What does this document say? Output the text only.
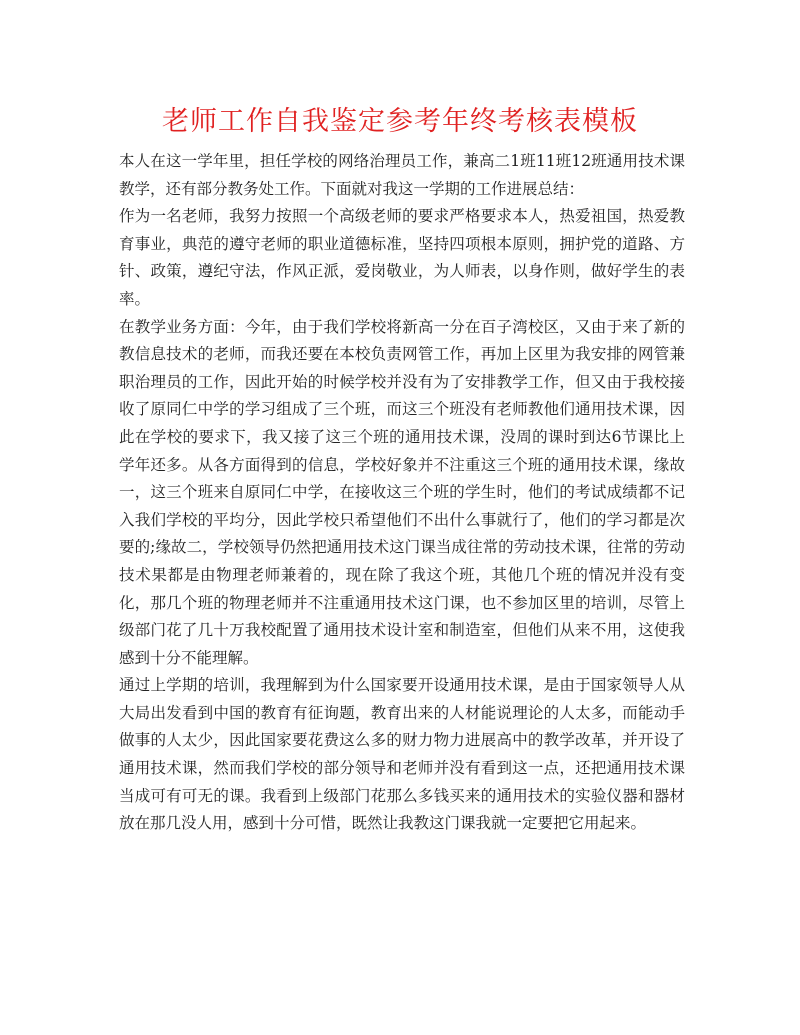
老师工作自我鉴定参考年终考核表模板

本人在这一学年里，担任学校的网络治理员工作，兼高二1班11班12班通用技术课教学，还有部分教务处工作。下面就对我这一学期的工作进展总结：

作为一名老师，我努力按照一个高级老师的要求严格要求本人，热爱祖国，热爱教育事业，典范的遵守老师的职业道德标准，坚持四项根本原则，拥护党的道路、方针、政策，遵纪守法，作风正派，爱岗敬业，为人师表，以身作则，做好学生的表率。

在教学业务方面：今年，由于我们学校将新高一分在百子湾校区，又由于来了新的教信息技术的老师，而我还要在本校负责网管工作，再加上区里为我安排的网管兼职治理员的工作，因此开始的时候学校并没有为了安排教学工作，但又由于我校接收了原同仁中学的学习组成了三个班，而这三个班没有老师教他们通用技术课，因此在学校的要求下，我又接了这三个班的通用技术课，没周的课时到达6节课比上学年还多。从各方面得到的信息，学校好象并不注重这三个班的通用技术课，缘故一，这三个班来自原同仁中学，在接收这三个班的学生时，他们的考试成绩都不记入我们学校的平均分，因此学校只希望他们不出什么事就行了，他们的学习都是次要的;缘故二，学校领导仍然把通用技术这门课当成往常的劳动技术课，往常的劳动技术果都是由物理老师兼着的，现在除了我这个班，其他几个班的情况并没有变化，那几个班的物理老师并不注重通用技术这门课，也不参加区里的培训，尽管上级部门花了几十万我校配置了通用技术设计室和制造室，但他们从来不用，这使我感到十分不能理解。

通过上学期的培训，我理解到为什么国家要开设通用技术课，是由于国家领导人从大局出发看到中国的教育有征询题，教育出来的人材能说理论的人太多，而能动手做事的人太少，因此国家要花费这么多的财力物力进展高中的教学改革，并开设了通用技术课，然而我们学校的部分领导和老师并没有看到这一点，还把通用技术课当成可有可无的课。我看到上级部门花那么多钱买来的通用技术的实验仪器和器材放在那几没人用，感到十分可惜，既然让我教这门课我就一定要把它用起来。
